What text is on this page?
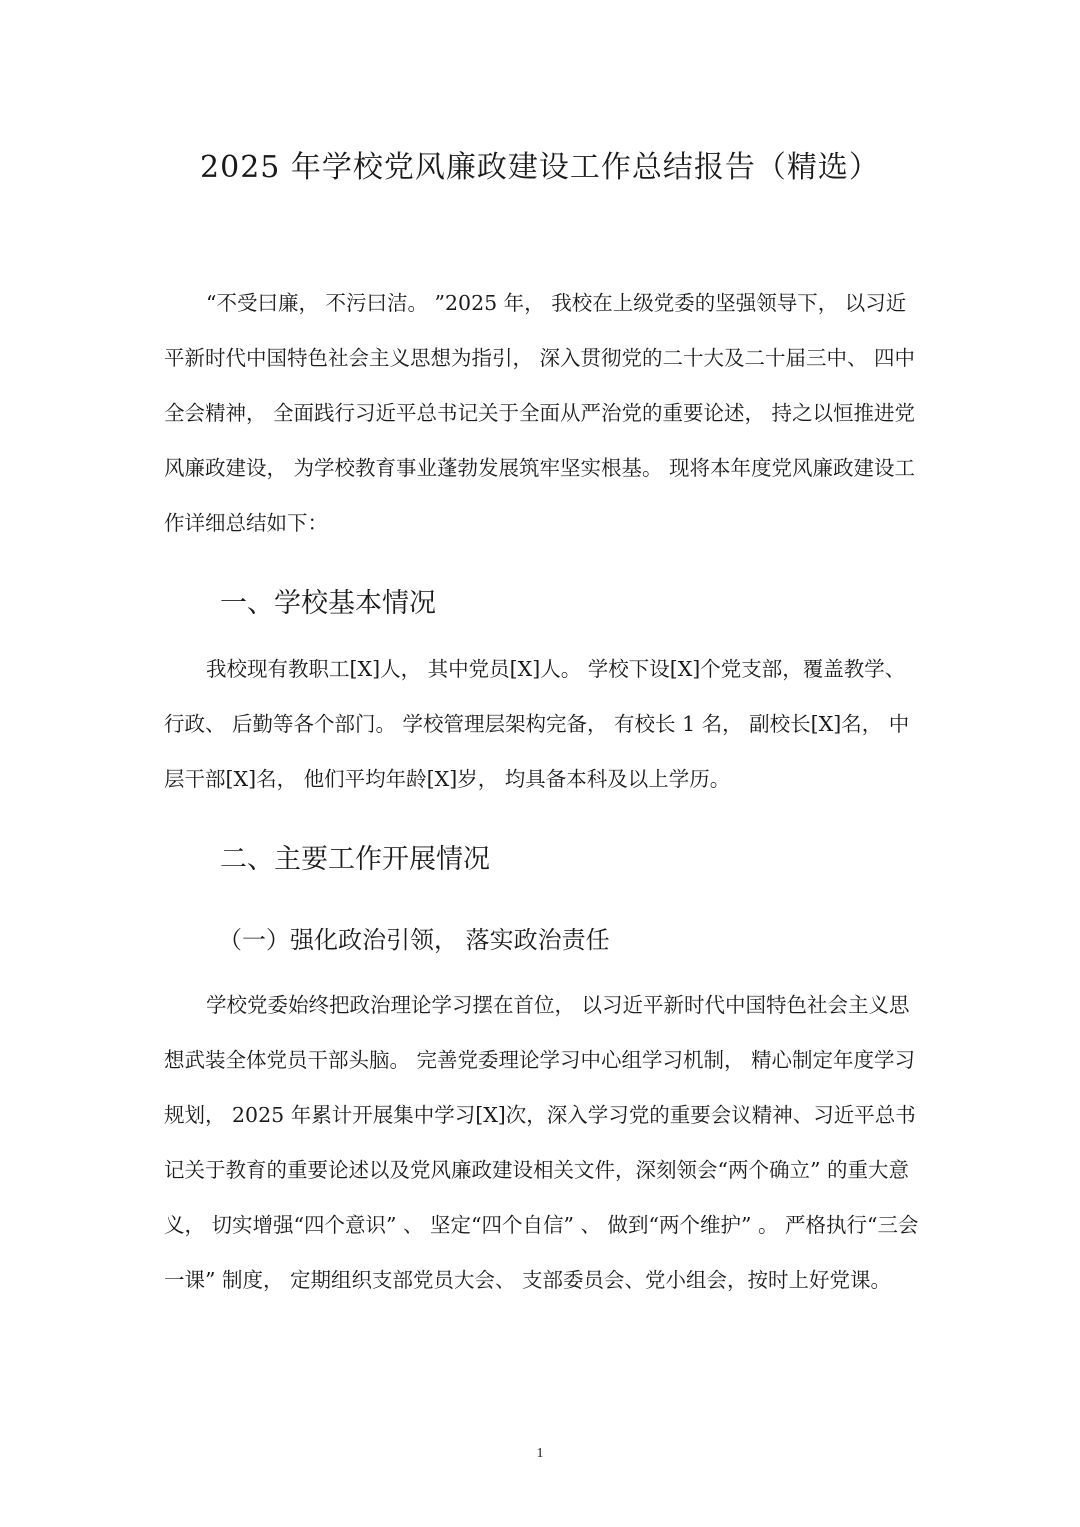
2025 年学校党风廉政建设工作总结报告（精选）

“不受曰廉， 不污曰洁。 ”2025 年， 我校在上级党委的坚强领导下， 以习近平新时代中国特色社会主义思想为指引， 深入贯彻党的二十大及二十届三中、 四中全会精神， 全面践行习近平总书记关于全面从严治党的重要论述， 持之以恒推进党风廉政建设， 为学校教育事业蓬勃发展筑牢坚实根基。 现将本年度党风廉政建设工作详细总结如下：

一、学校基本情况

我校现有教职工[X]人， 其中党员[X]人。 学校下设[X]个党支部，覆盖教学、 行政、 后勤等各个部门。 学校管理层架构完备， 有校长 1 名， 副校长[X]名， 中层干部[X]名， 他们平均年龄[X]岁， 均具备本科及以上学历。

二、主要工作开展情况
（一）强化政治引领， 落实政治责任

学校党委始终把政治理论学习摆在首位， 以习近平新时代中国特色社会主义思想武装全体党员干部头脑。 完善党委理论学习中心组学习机制， 精心制定年度学习规划， 2025 年累计开展集中学习[X]次，深入学习党的重要会议精神、习近平总书记关于教育的重要论述以及党风廉政建设相关文件，深刻领会“两个确立” 的重大意义， 切实增强“四个意识” 、 坚定“四个自信” 、 做到“两个维护” 。 严格执行“三会一课” 制度， 定期组织支部党员大会、 支部委员会、党小组会，按时上好党课。

1
